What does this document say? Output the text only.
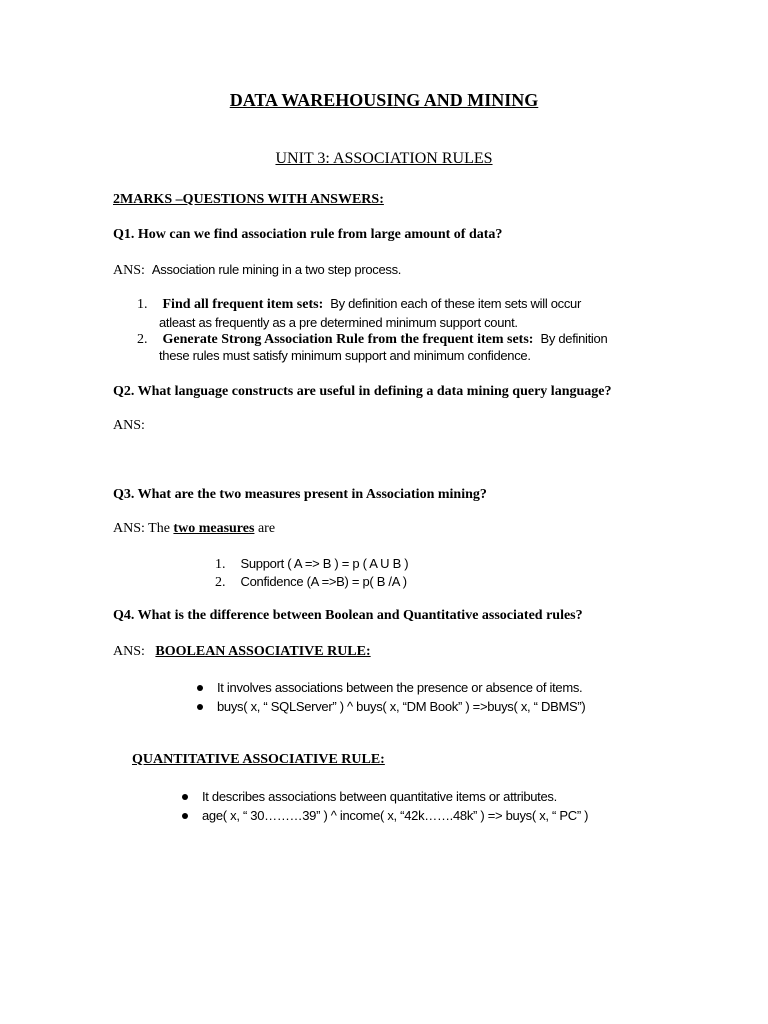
DATA WAREHOUSING AND MINING
UNIT 3: ASSOCIATION RULES
2MARKS –QUESTIONS WITH ANSWERS:
Q1. How can we find association rule from large amount of data?
ANS: Association rule mining in a two step process.
1. Find all frequent item sets: By definition each of these item sets will occur
atleast as frequently as a pre determined minimum support count.
2. Generate Strong Association Rule from the frequent item sets: By definition
these rules must satisfy minimum support and minimum confidence.
Q2. What language constructs are useful in defining a data mining query language?
ANS:
Q3. What are the two measures present in Association mining?
ANS: The two measures are
1. Support ( A => B ) = p ( A U B )
2. Confidence (A =>B) = p( B /A )
Q4. What is the difference between Boolean and Quantitative associated rules?
ANS: BOOLEAN ASSOCIATIVE RULE:
It involves associations between the presence or absence of items.
buys( x, “ SQLServer” ) ^ buys( x, “DM Book” ) =>buys( x, “ DBMS”)
QUANTITATIVE ASSOCIATIVE RULE:
It describes associations between quantitative items or attributes.
age( x, “ 30………39” ) ^ income( x, “42k…….48k” ) => buys( x, “ PC” )
